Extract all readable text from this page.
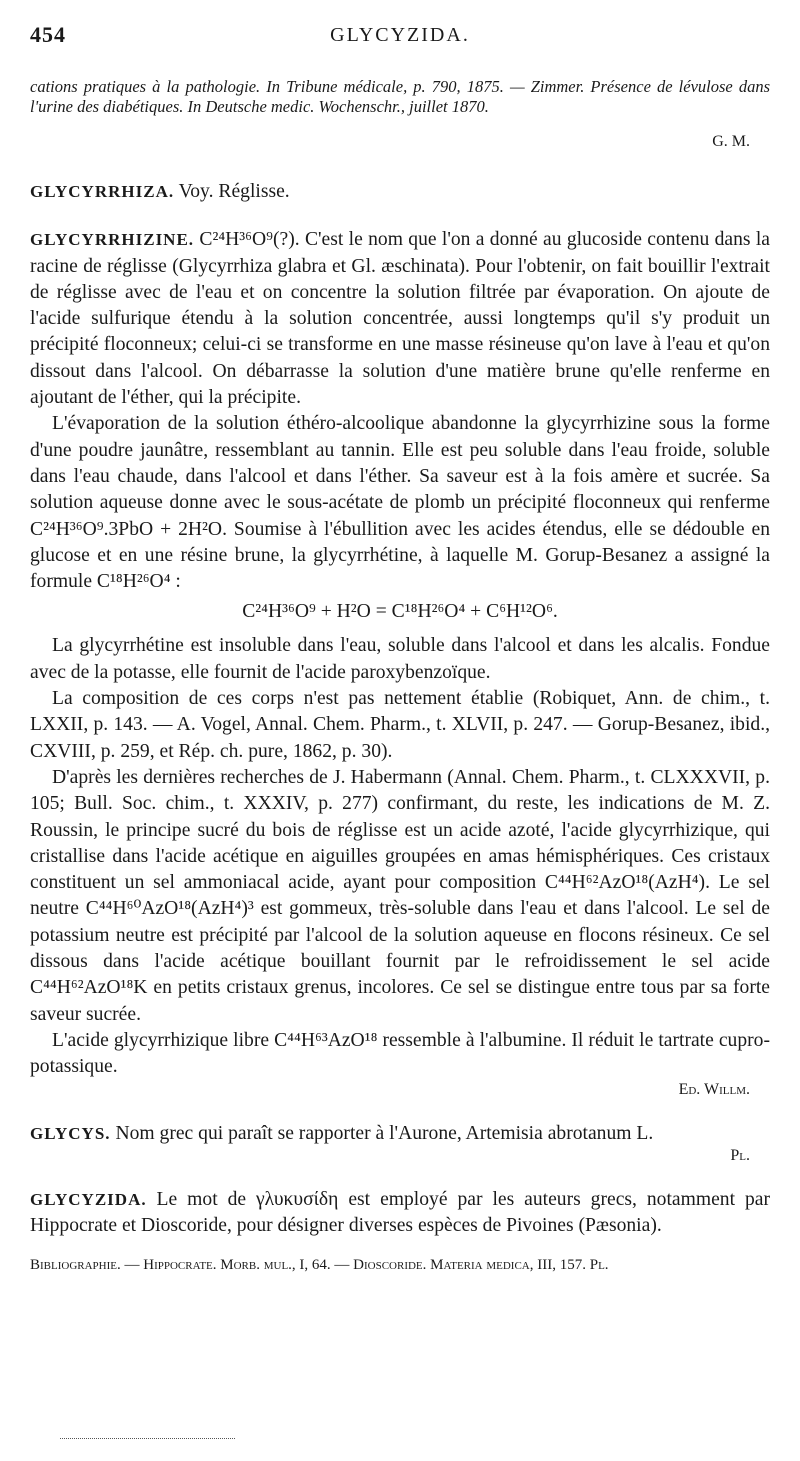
454	GLYCYZIDA.

cations pratiques à la pathologie. In Tribune médicale, p. 790, 1875. — Zimmer. Présence de lévulose dans l'urine des diabétiques. In Deutsche medic. Wochenschr., juillet 1870.

G. M.

GLYCYRRHIZA. Voy. Réglisse.

GLYCYRRHIZINE. C²⁴H³⁶O⁹(?). C'est le nom que l'on a donné au glucoside contenu dans la racine de réglisse (Glycyrrhiza glabra et Gl. æschinata). Pour l'obtenir, on fait bouillir l'extrait de réglisse avec de l'eau et on concentre la solution filtrée par évaporation. On ajoute de l'acide sulfurique étendu à la solution concentrée, aussi longtemps qu'il s'y produit un précipité floconneux; celui-ci se transforme en une masse résineuse qu'on lave à l'eau et qu'on dissout dans l'alcool. On débarrasse la solution d'une matière brune qu'elle renferme en ajoutant de l'éther, qui la précipite.

L'évaporation de la solution éthéro-alcoolique abandonne la glycyrrhizine sous la forme d'une poudre jaunâtre, ressemblant au tannin. Elle est peu soluble dans l'eau froide, soluble dans l'eau chaude, dans l'alcool et dans l'éther. Sa saveur est à la fois amère et sucrée. Sa solution aqueuse donne avec le sous-acétate de plomb un précipité floconneux qui renferme C²⁴H³⁶O⁹.3PbO + 2H²O. Soumise à l'ébullition avec les acides étendus, elle se dédouble en glucose et en une résine brune, la glycyrrhétine, à laquelle M. Gorup-Besanez a assigné la formule C¹⁸H²⁶O⁴ :

C²⁴H³⁶O⁹ + H²O = C¹⁸H²⁶O⁴ + C⁶H¹²O⁶.

La glycyrrhétine est insoluble dans l'eau, soluble dans l'alcool et dans les alcalis. Fondue avec de la potasse, elle fournit de l'acide paroxybenzoïque.

La composition de ces corps n'est pas nettement établie (Robiquet, Ann. de chim., t. LXXII, p. 143. — A. Vogel, Annal. Chem. Pharm., t. XLVII, p. 247. — Gorup-Besanez, ibid., CXVIII, p. 259, et Rép. ch. pure, 1862, p. 30).

D'après les dernières recherches de J. Habermann (Annal. Chem. Pharm., t. CLXXXVII, p. 105; Bull. Soc. chim., t. XXXIV, p. 277) confirmant, du reste, les indications de M. Z. Roussin, le principe sucré du bois de réglisse est un acide azoté, l'acide glycyrrhizique, qui cristallise dans l'acide acétique en aiguilles groupées en amas hémisphériques. Ces cristaux constituent un sel ammoniacal acide, ayant pour composition C⁴⁴H⁶²AzO¹⁸(AzH⁴). Le sel neutre C⁴⁴H⁶⁰AzO¹⁸(AzH⁴)³ est gommeux, très-soluble dans l'eau et dans l'alcool. Le sel de potassium neutre est précipité par l'alcool de la solution aqueuse en flocons résineux. Ce sel dissous dans l'acide acétique bouillant fournit par le refroidissement le sel acide C⁴⁴H⁶²AzO¹⁸K en petits cristaux grenus, incolores. Ce sel se distingue entre tous par sa forte saveur sucrée.

L'acide glycyrrhizique libre C⁴⁴H⁶³AzO¹⁸ ressemble à l'albumine. Il réduit le tartrate cupro-potassique.

Ed. Willm.

GLYCYS. Nom grec qui paraît se rapporter à l'Aurone, Artemisia abrotanum L.

Pl.

GLYCYZIDA. Le mot de γλυκυσίδη est employé par les auteurs grecs, notamment par Hippocrate et Dioscoride, pour désigner diverses espèces de Pivoines (Pæsonia).

Bibliographie. — Hippocrate. Morb. mul., I, 64. — Dioscoride. Materia medica, III, 157. Pl.
